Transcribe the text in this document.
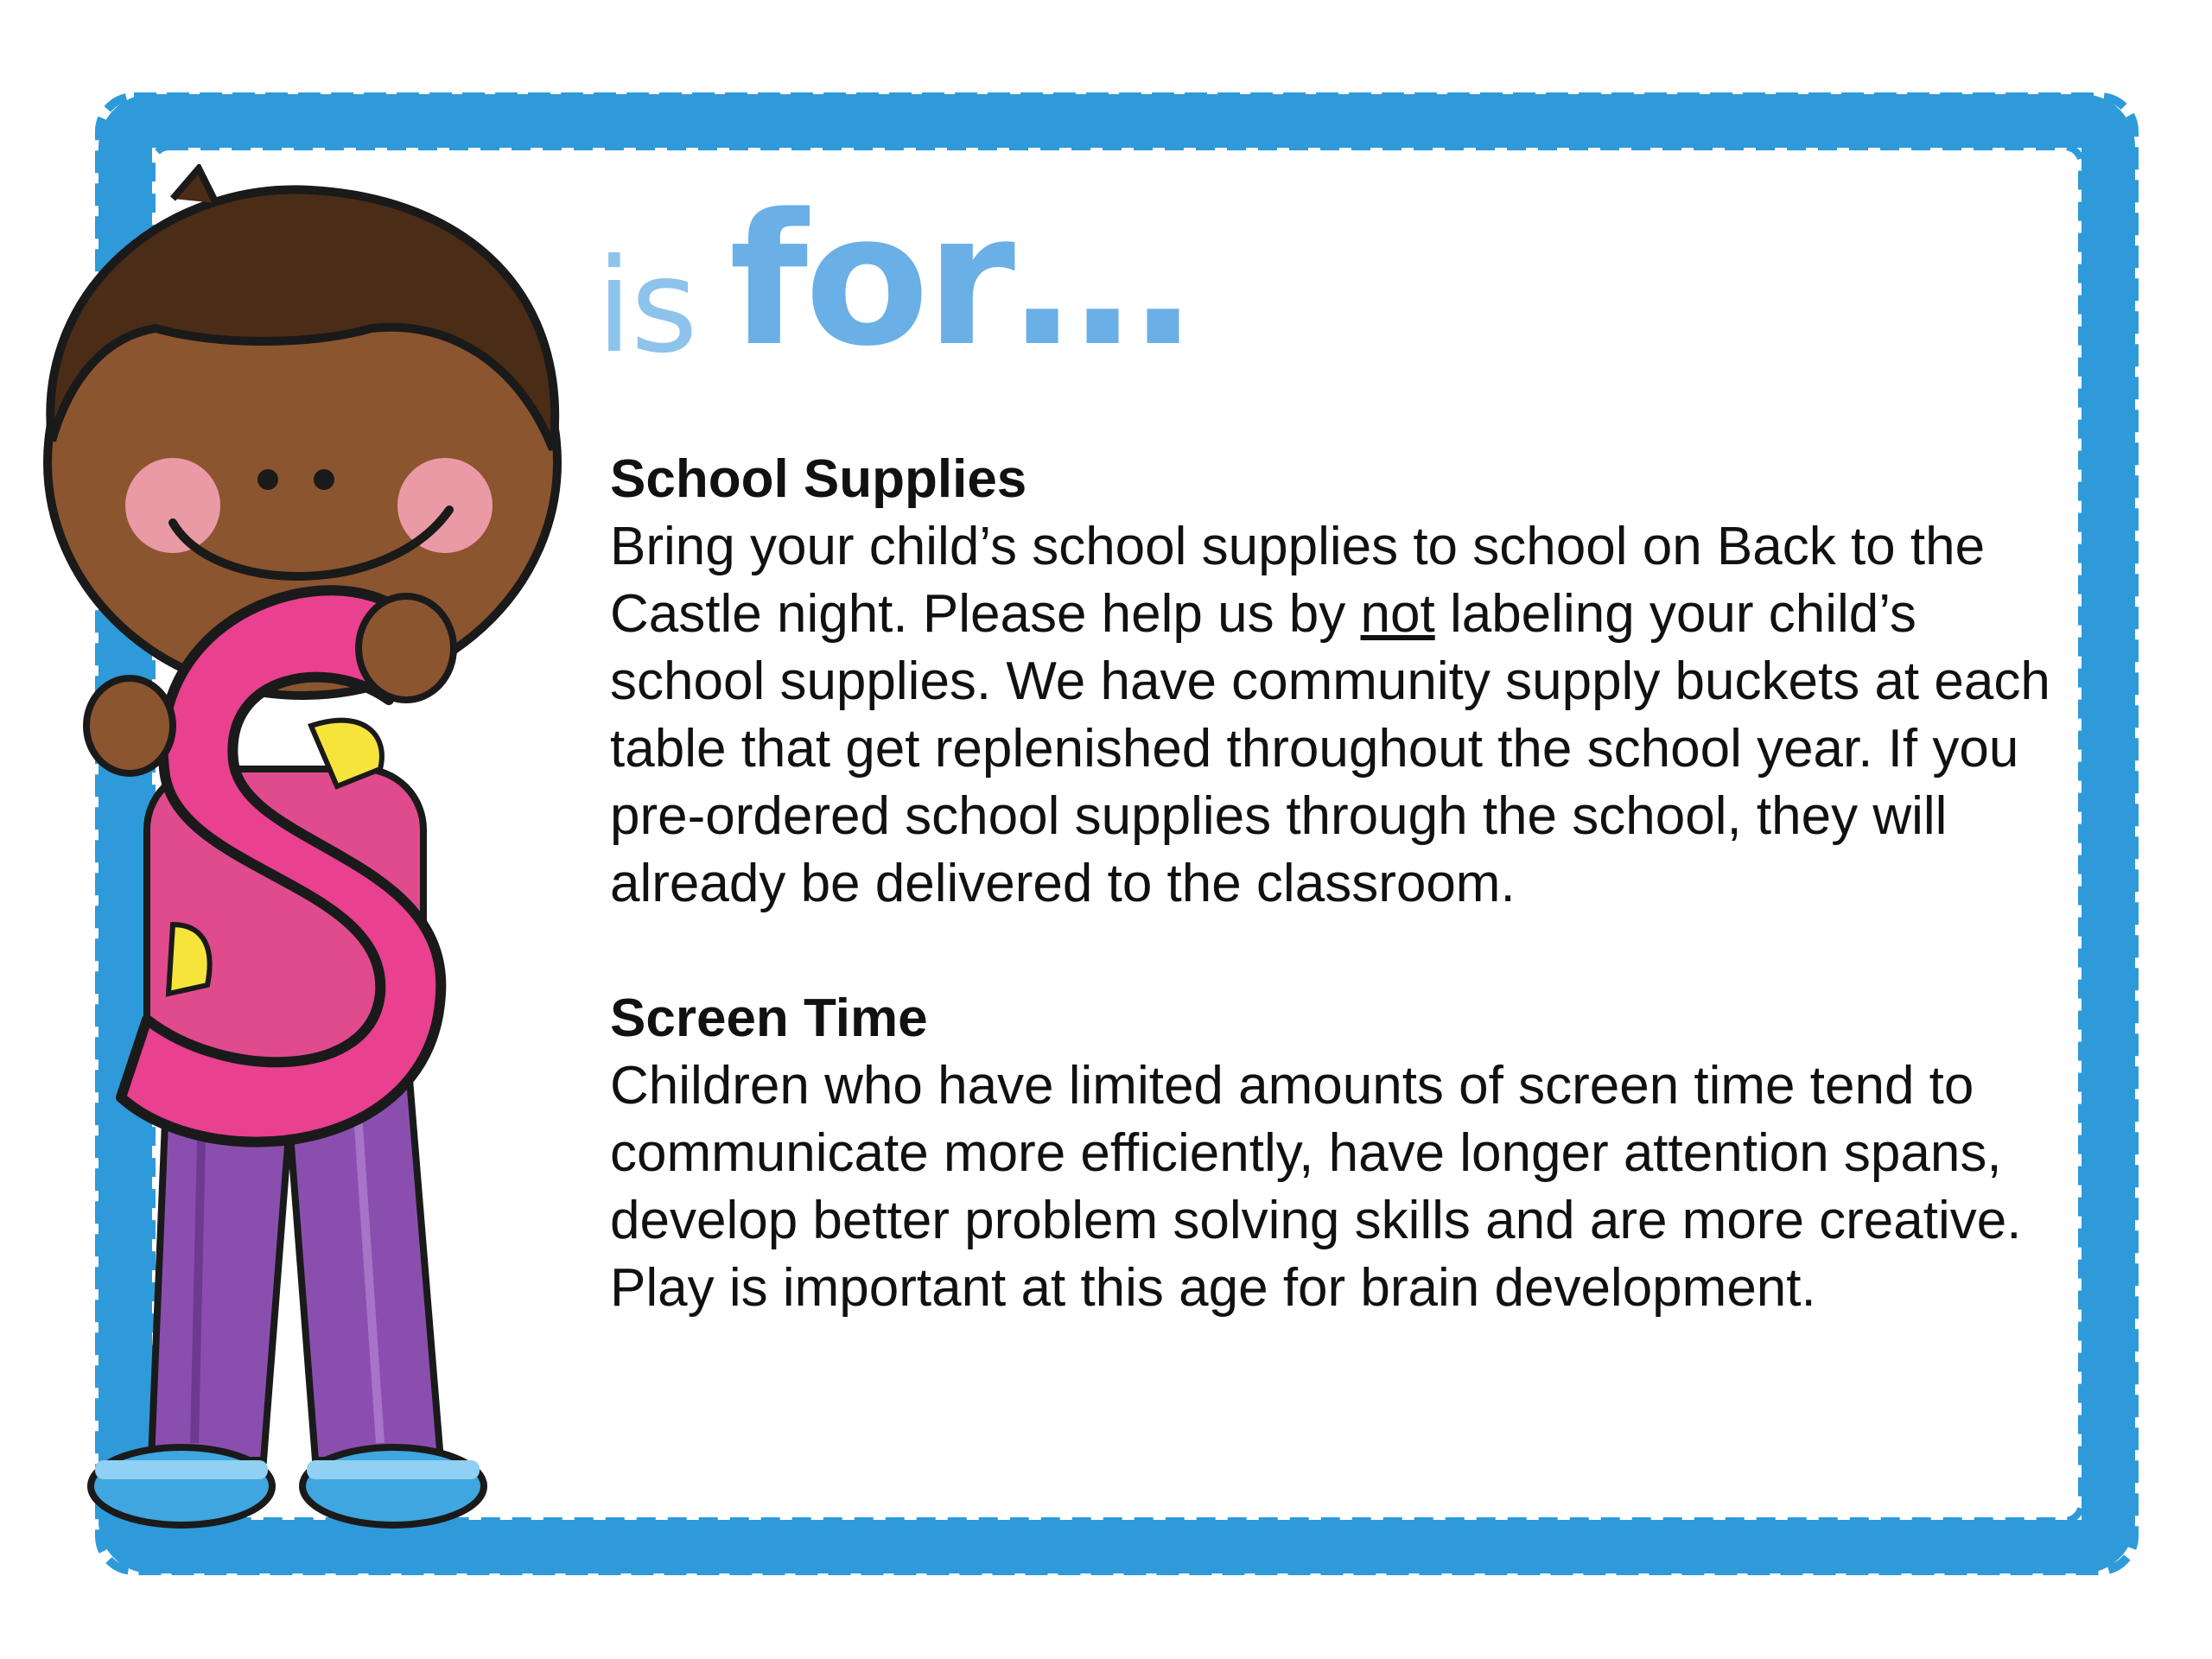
is for…

School Supplies
Bring your child’s school supplies to school on Back to the Castle night. Please help us by not labeling your child’s school supplies. We have community supply buckets at each table that get replenished throughout the school year. If you pre-ordered school supplies through the school, they will already be delivered to the classroom.

Screen Time
Children who have limited amounts of screen time tend to communicate more efficiently, have longer attention spans, develop better problem solving skills and are more creative. Play is important at this age for brain development.
